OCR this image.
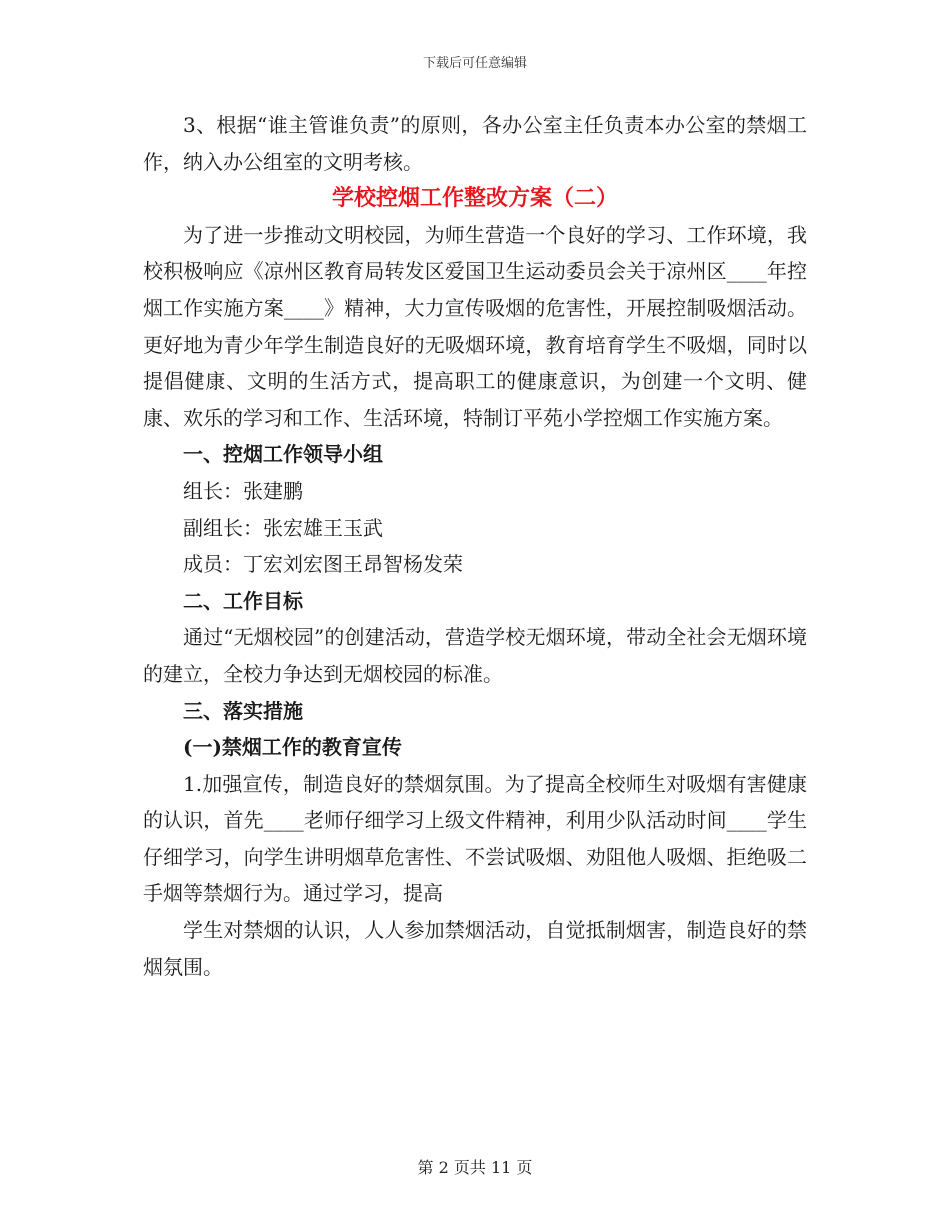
下载后可任意编辑

3、根据“谁主管谁负责”的原则，各办公室主任负责本办公室的禁烟工作，纳入办公组室的文明考核。

学校控烟工作整改方案（二）

为了进一步推动文明校园，为师生营造一个良好的学习、工作环境，我校积极响应《凉州区教育局转发区爱国卫生运动委员会关于凉州区____年控烟工作实施方案____》精神，大力宣传吸烟的危害性，开展控制吸烟活动。更好地为青少年学生制造良好的无吸烟环境，教育培育学生不吸烟，同时以提倡健康、文明的生活方式，提高职工的健康意识，为创建一个文明、健康、欢乐的学习和工作、生活环境，特制订平苑小学控烟工作实施方案。

一、控烟工作领导小组

组长：张建鹏

副组长：张宏雄王玉武

成员：丁宏刘宏图王昂智杨发荣

二、工作目标

通过“无烟校园”的创建活动，营造学校无烟环境，带动全社会无烟环境的建立，全校力争达到无烟校园的标准。

三、落实措施

(一)禁烟工作的教育宣传

1.加强宣传，制造良好的禁烟氛围。为了提高全校师生对吸烟有害健康的认识，首先____老师仔细学习上级文件精神，利用少队活动时间____学生仔细学习，向学生讲明烟草危害性、不尝试吸烟、劝阻他人吸烟、拒绝吸二手烟等禁烟行为。通过学习，提高

学生对禁烟的认识，人人参加禁烟活动，自觉抵制烟害，制造良好的禁烟氛围。

第 2 页共 11 页
